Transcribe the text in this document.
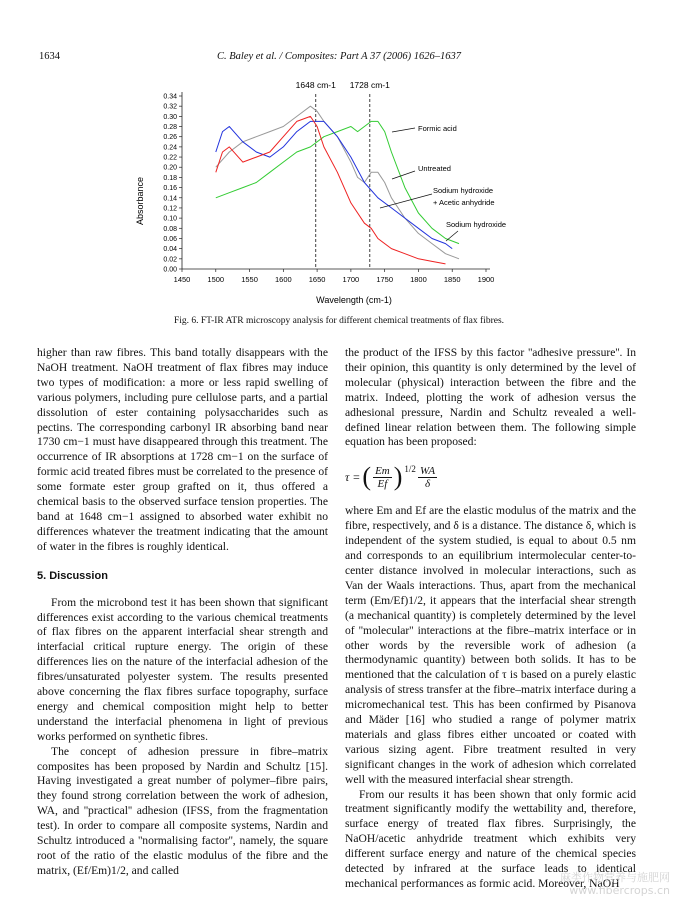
1634	C. Baley et al. / Composites: Part A 37 (2006) 1626–1637
0.00
0.02
0.04
0.06
0.08
0.10
0.12
0.14
0.16
0.18
0.20
0.22
0.24
0.26
0.28
0.30
0.32
0.34
1450 1500 1550 1600 1650 1700 1750 1800 1850 1900
1648 cm-1 1728 cm-1
Formic acid
Untreated
Sodium hydroxide
+ Acetic anhydride
Sodium hydroxide
Absorbance
Wavelength (cm-1)
Fig. 6. FT-IR ATR microscopy analysis for different chemical treatments of flax fibres.

higher than raw fibres. This band totally disappears with the NaOH treatment. NaOH treatment of flax fibres may induce two types of modification: a more or less rapid swelling of various polymers, including pure cellulose parts, and a partial dissolution of ester containing polysaccharides such as pectins. The corresponding carbonyl IR absorbing band near 1730 cm−1 must have disappeared through this treatment. The occurrence of IR absorptions at 1728 cm−1 on the surface of formic acid treated fibres must be correlated to the presence of some formate ester group grafted on it, thus offered a chemical basis to the observed surface tension properties. The band at 1648 cm−1 assigned to absorbed water exhibit no differences whatever the treatment indicating that the amount of water in the fibres is roughly identical.

5. Discussion

From the microbond test it has been shown that significant differences exist according to the various chemical treatments of flax fibres on the apparent interfacial shear strength and interfacial critical rupture energy. The origin of these differences lies on the nature of the interfacial adhesion of the fibres/unsaturated polyester system. The results presented above concerning the flax fibres surface topography, surface energy and chemical composition might help to better understand the interfacial phenomena in light of previous works performed on synthetic fibres.

The concept of adhesion pressure in fibre–matrix composites has been proposed by Nardin and Schultz [15]. Having investigated a great number of polymer–fibre pairs, they found strong correlation between the work of adhesion, WA, and ''practical'' adhesion (IFSS, from the fragmentation test). In order to compare all composite systems, Nardin and Schultz introduced a ''normalising factor'', namely, the square root of the ratio of the elastic modulus of the fibre and the matrix, (Ef/Em)1/2, and called

the product of the IFSS by this factor ''adhesive pressure''. In their opinion, this quantity is only determined by the level of molecular (physical) interaction between the fibre and the matrix. Indeed, plotting the work of adhesion versus the adhesional pressure, Nardin and Schultz revealed a well-defined linear relation between them. The following simple equation has been proposed:

τ = ( $\frac{Em}{Ef} )^{1/2} \frac{WA}{\delta}$

where Em and Ef are the elastic modulus of the matrix and the fibre, respectively, and δ is a distance. The distance δ, which is independent of the system studied, is equal to about 0.5 nm and corresponds to an equilibrium intermolecular center-to-center distance involved in molecular interactions, such as Van der Waals interactions. Thus, apart from the mechanical term (Em/Ef)1/2, it appears that the interfacial shear strength (a mechanical quantity) is completely determined by the level of ''molecular'' interactions at the fibre–matrix interface or in other words by the reversible work of adhesion (a thermodynamic quantity) between both solids. It has to be mentioned that the calculation of τ is based on a purely elastic analysis of stress transfer at the fibre–matrix interface during a micromechanical test. This has been confirmed by Pisanova and Mäder [16] who studied a range of polymer matrix materials and glass fibres either uncoated or coated with various sizing agent. Fibre treatment resulted in very significant changes in the work of adhesion which correlated well with the measured interfacial shear strength.

From our results it has been shown that only formic acid treatment significantly modify the wettability and, therefore, surface energy of treated flax fibres. Surprisingly, the NaOH/acetic anhydride treatment which exhibits very different surface energy and nature of the chemical species detected by infrared at the surface leads to identical mechanical performances as formic acid. Moreover, NaOH

麻类作物营养与施肥网
www.fibercrops.cn
